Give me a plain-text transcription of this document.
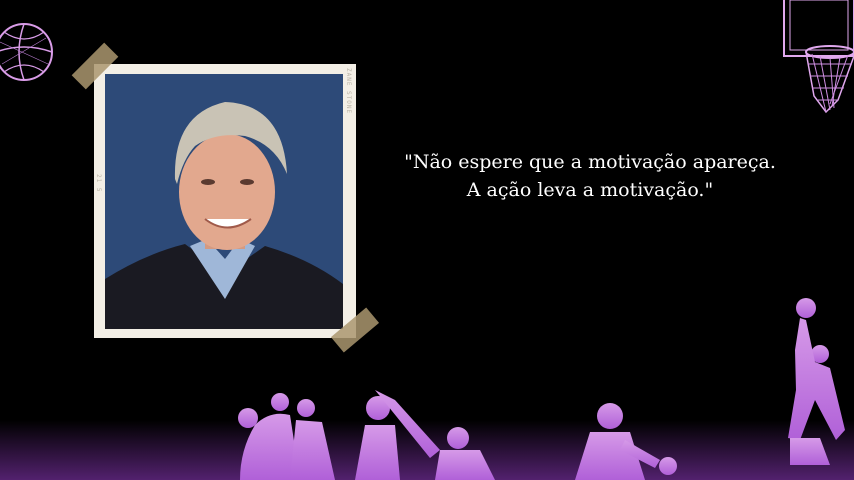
ZANE STONE
21 5
"Não espere que a motivação apareça.
A ação leva a motivação."
